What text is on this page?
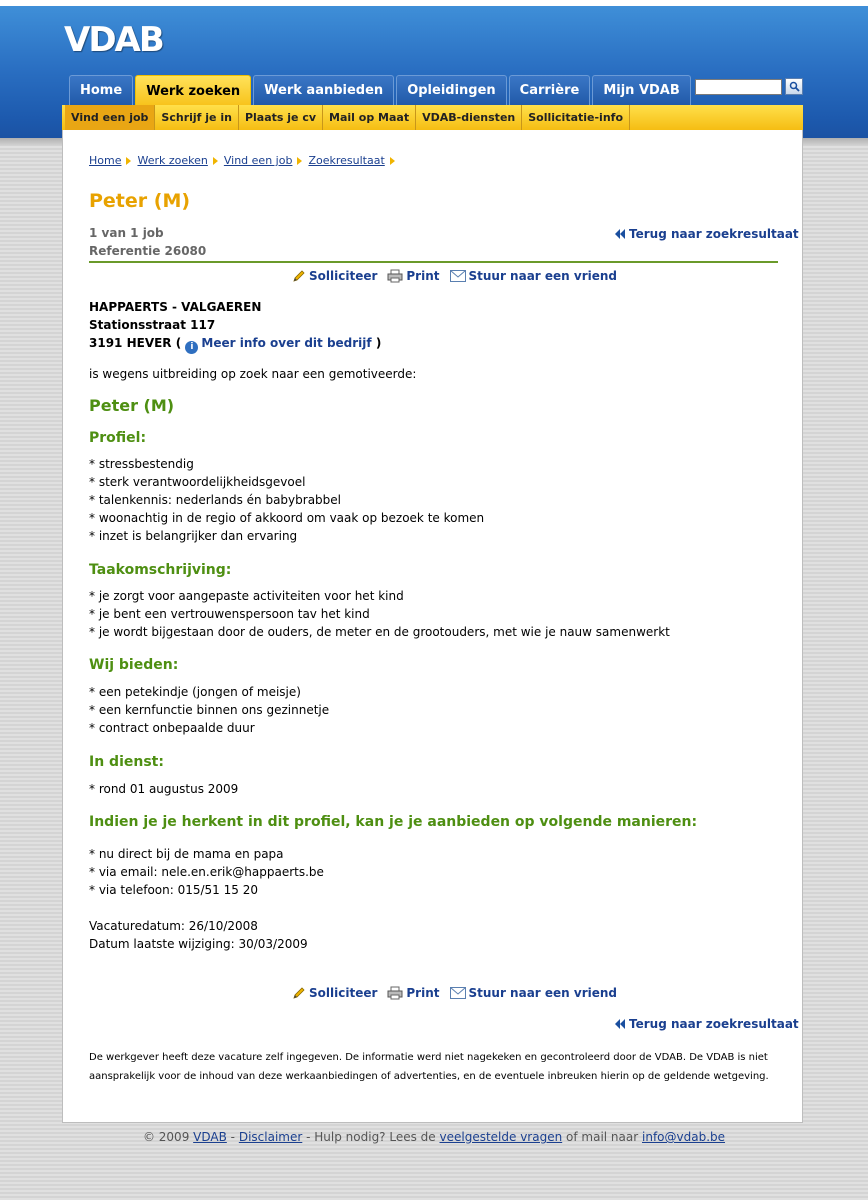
VDAB
Home	Werk zoeken	Werk aanbieden	Opleidingen	Carrière	Mijn VDAB
Vind een job	Schrijf je in	Plaats je cv	Mail op Maat	VDAB-diensten	Sollicitatie-info
Home Werk zoeken Vind een job Zoekresultaat
Peter (M)
1 van 1 job
Referentie 26080
Terug naar zoekresultaat
Solliciteer Print Stuur naar een vriend
HAPPAERTS - VALGAEREN
Stationsstraat 117
3191 HEVER ( i Meer info over dit bedrijf )
is wegens uitbreiding op zoek naar een gemotiveerde:
Peter (M)
Profiel:
* stressbestendig
* sterk verantwoordelijkheidsgevoel
* talenkennis: nederlands én babybrabbel
* woonachtig in de regio of akkoord om vaak op bezoek te komen
* inzet is belangrijker dan ervaring
Taakomschrijving:
* je zorgt voor aangepaste activiteiten voor het kind
* je bent een vertrouwenspersoon tav het kind
* je wordt bijgestaan door de ouders, de meter en de grootouders, met wie je nauw samenwerkt
Wij bieden:
* een petekindje (jongen of meisje)
* een kernfunctie binnen ons gezinnetje
* contract onbepaalde duur
In dienst:
* rond 01 augustus 2009
Indien je je herkent in dit profiel, kan je je aanbieden op volgende manieren:
* nu direct bij de mama en papa
* via email: nele.en.erik@happaerts.be
* via telefoon: 015/51 15 20
Vacaturedatum: 26/10/2008
Datum laatste wijziging: 30/03/2009
Solliciteer Print Stuur naar een vriend
Terug naar zoekresultaat
De werkgever heeft deze vacature zelf ingegeven. De informatie werd niet nagekeken en gecontroleerd door de VDAB. De VDAB is niet aansprakelijk voor de inhoud van deze werkaanbiedingen of advertenties, en de eventuele inbreuken hierin op de geldende wetgeving.
© 2009 VDAB - Disclaimer - Hulp nodig? Lees de veelgestelde vragen of mail naar info@vdab.be
